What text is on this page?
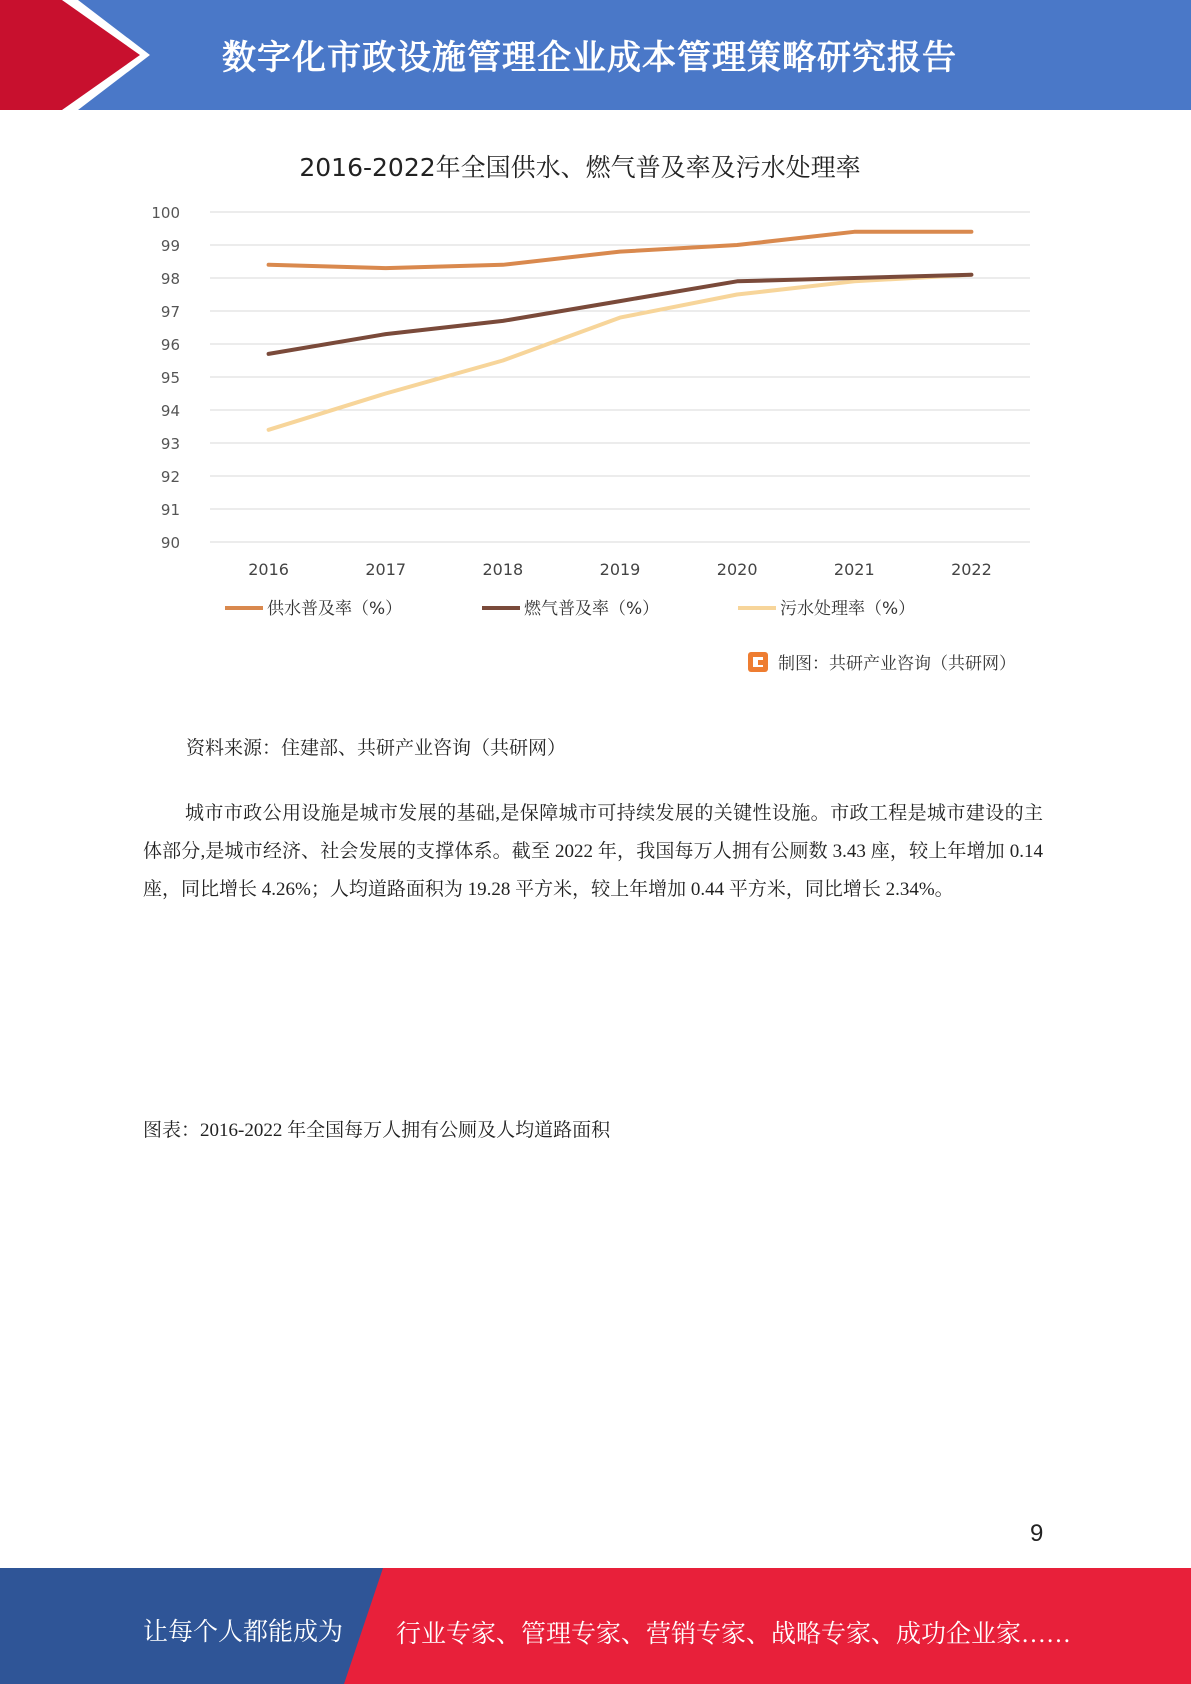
数字化市政设施管理企业成本管理策略研究报告
2016-2022年全国供水、燃气普及率及污水处理率
100
99
98
97
96
95
94
93
92
91
90
2016	2017	2018	2019	2020	2021	2022
供水普及率（%）	燃气普及率（%）	污水处理率（%）
制图：共研产业咨询（共研网）
资料来源：住建部、共研产业咨询（共研网）
城市市政公用设施是城市发展的基础,是保障城市可持续发展的关键性设施。市政工程是城市建设的主体部分,是城市经济、社会发展的支撑体系。截至 2022 年，我国每万人拥有公厕数 3.43 座，较上年增加 0.14 座，同比增长 4.26%；人均道路面积为 19.28 平方米，较上年增加 0.44 平方米，同比增长 2.34%。
图表：2016-2022 年全国每万人拥有公厕及人均道路面积
9
让每个人都能成为 行业专家、管理专家、营销专家、战略专家、成功企业家……
